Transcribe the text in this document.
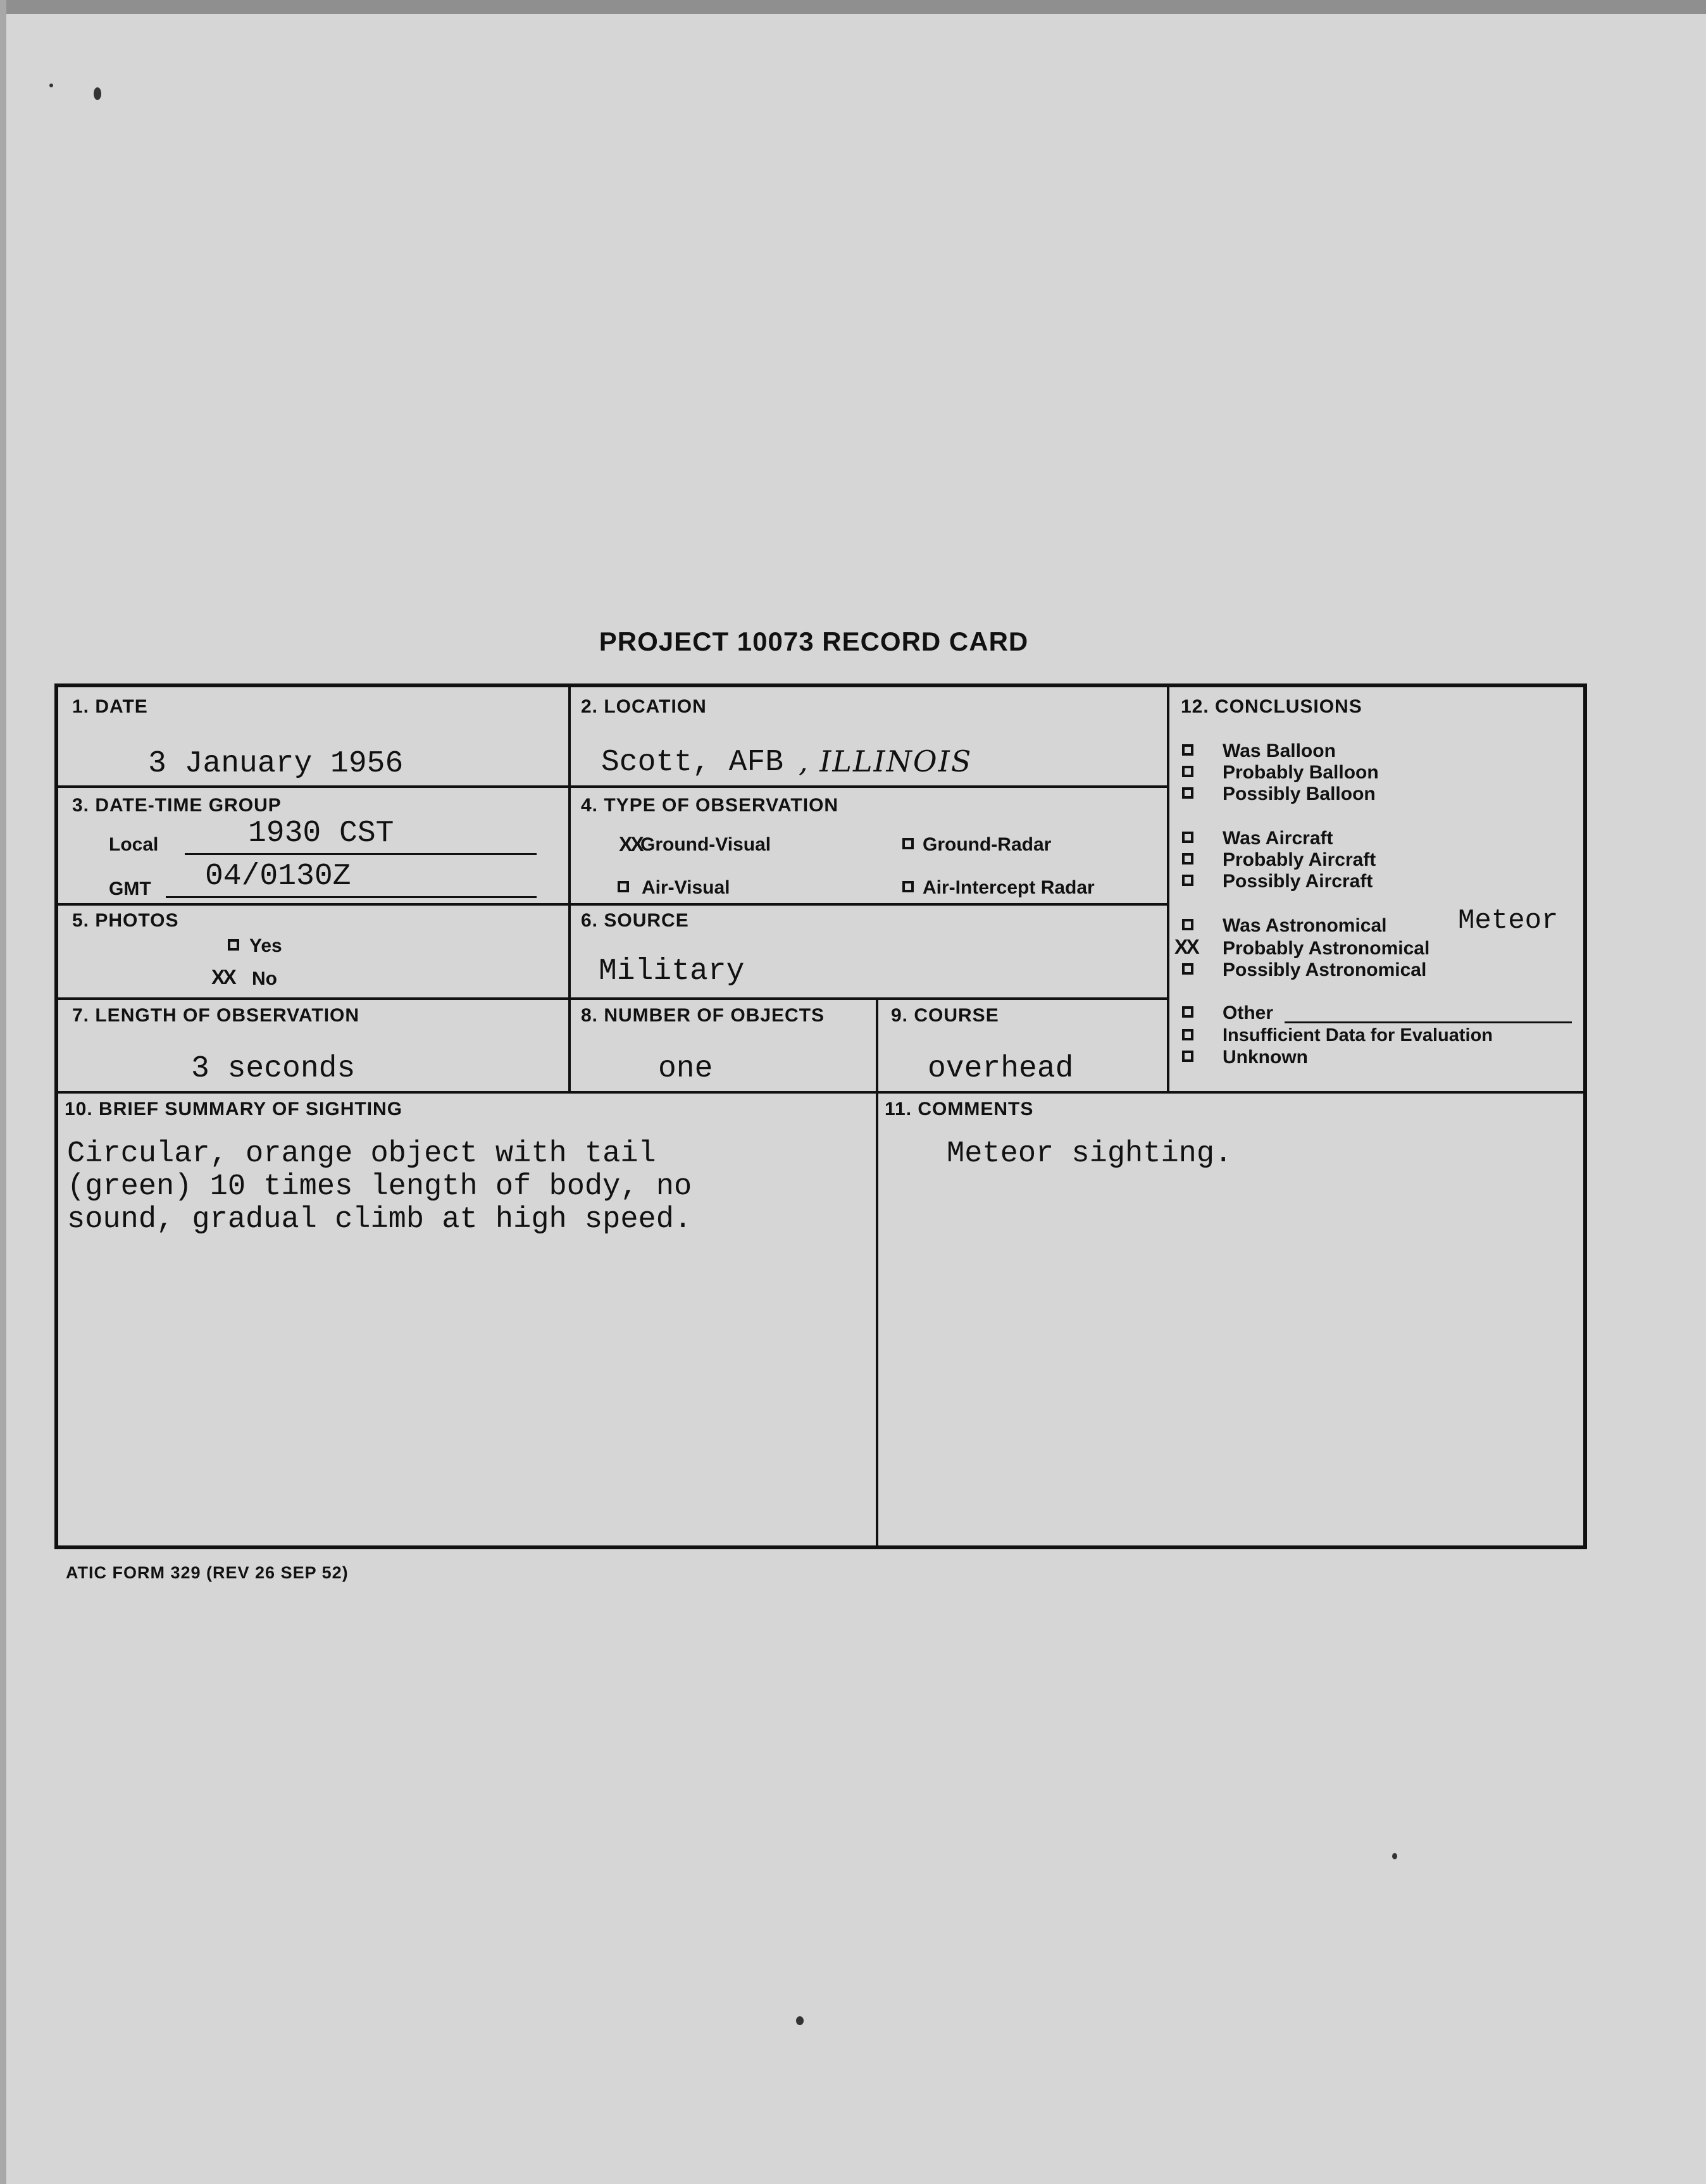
PROJECT 10073 RECORD CARD
1. DATE
3 January 1956
2. LOCATION
Scott, AFB , ILLINOIS
3. DATE-TIME GROUP
Local	1930 CST
GMT 04/0130Z
4. TYPE OF OBSERVATION
XX
Ground-Visual	Ground-Radar
Air-Visual	Air-Intercept Radar
5. PHOTOS
Yes
XX No
6. SOURCE
Military
7. LENGTH OF OBSERVATION
3 seconds
8. NUMBER OF OBJECTS
one
9. COURSE
overhead
12. CONCLUSIONS
Was Balloon
Probably Balloon
Possibly Balloon
Was Aircraft
Probably Aircraft
Possibly Aircraft
Was Astronomical	Meteor
XX Probably Astronomical
Possibly Astronomical
Other
Insufficient Data for Evaluation
Unknown
10. BRIEF SUMMARY OF SIGHTING
Circular, orange object with tail
(green) 10 times length of body, no
sound, gradual climb at high speed.
11. COMMENTS
Meteor sighting.
ATIC FORM 329 (REV 26 SEP 52)
